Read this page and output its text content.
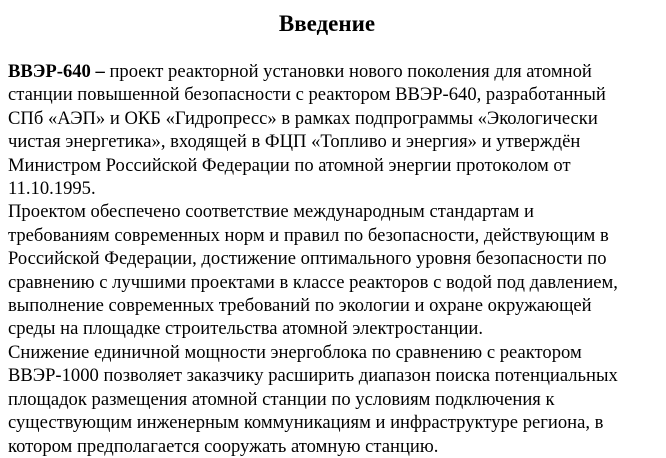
Введение
ВВЭР-640 – проект реакторной установки нового поколения для атомной
станции повышенной безопасности с реактором ВВЭР-640, разработанный
СПб «АЭП» и ОКБ «Гидропресс» в рамках подпрограммы «Экологически
чистая энергетика», входящей в ФЦП «Топливо и энергия» и утверждён
Министром Российской Федерации по атомной энергии протоколом от
11.10.1995.
Проектом обеспечено соответствие международным стандартам и
требованиям современных норм и правил по безопасности, действующим в
Российской Федерации, достижение оптимального уровня безопасности по
сравнению с лучшими проектами в классе реакторов с водой под давлением,
выполнение современных требований по экологии и охране окружающей
среды на площадке строительства атомной электростанции.
Снижение единичной мощности энергоблока по сравнению с реактором
ВВЭР-1000 позволяет заказчику расширить диапазон поиска потенциальных
площадок размещения атомной станции по условиям подключения к
существующим инженерным коммуникациям и инфраструктуре региона, в
котором предполагается сооружать атомную станцию.
